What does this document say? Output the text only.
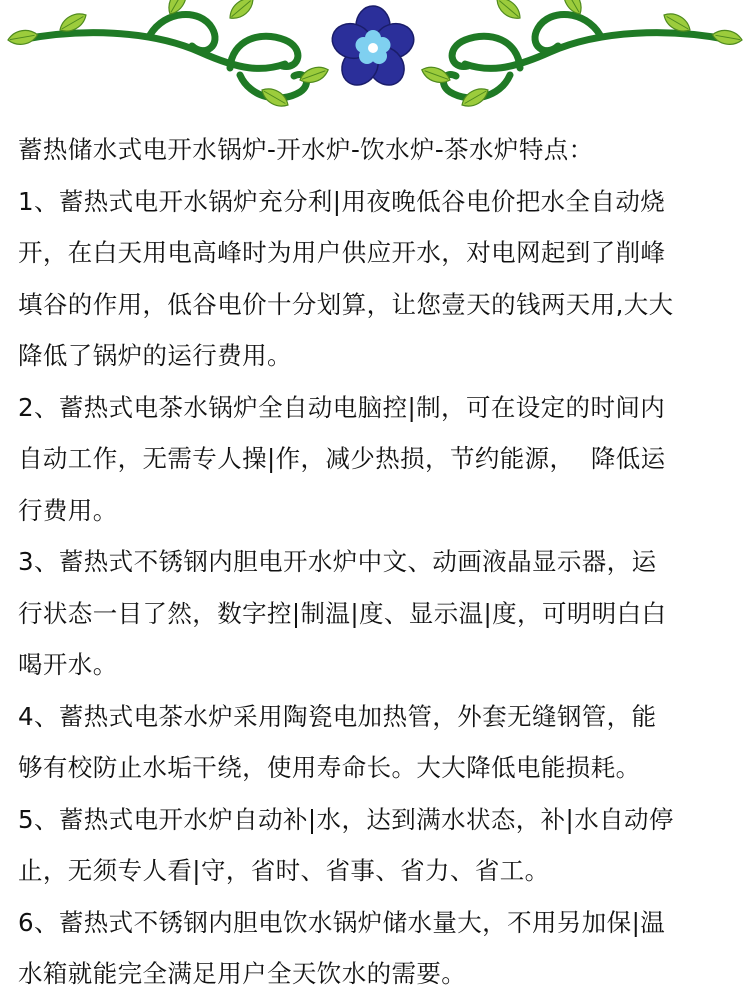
蓄热储水式电开水锅炉-开水炉-饮水炉-茶水炉特点：

1、蓄热式电开水锅炉充分利|用夜晚低谷电价把水全自动烧

开，在白天用电高峰时为用户供应开水，对电网起到了削峰

填谷的作用，低谷电价十分划算，让您壹天的钱两天用,大大

降低了锅炉的运行费用。

2、蓄热式电茶水锅炉全自动电脑控|制，可在设定的时间内

自动工作，无需专人操|作，减少热损，节约能源，  降低运

行费用。

3、蓄热式不锈钢内胆电开水炉中文、动画液晶显示器，运

行状态一目了然，数字控|制温|度、显示温|度，可明明白白

喝开水。

4、蓄热式电茶水炉采用陶瓷电加热管，外套无缝钢管，能

够有校防止水垢干绕，使用寿命长。大大降低电能损耗。

5、蓄热式电开水炉自动补|水，达到满水状态，补|水自动停

止，无须专人看|守，省时、省事、省力、省工。

6、蓄热式不锈钢内胆电饮水锅炉储水量大，不用另加保|温

水箱就能完全满足用户全天饮水的需要。
